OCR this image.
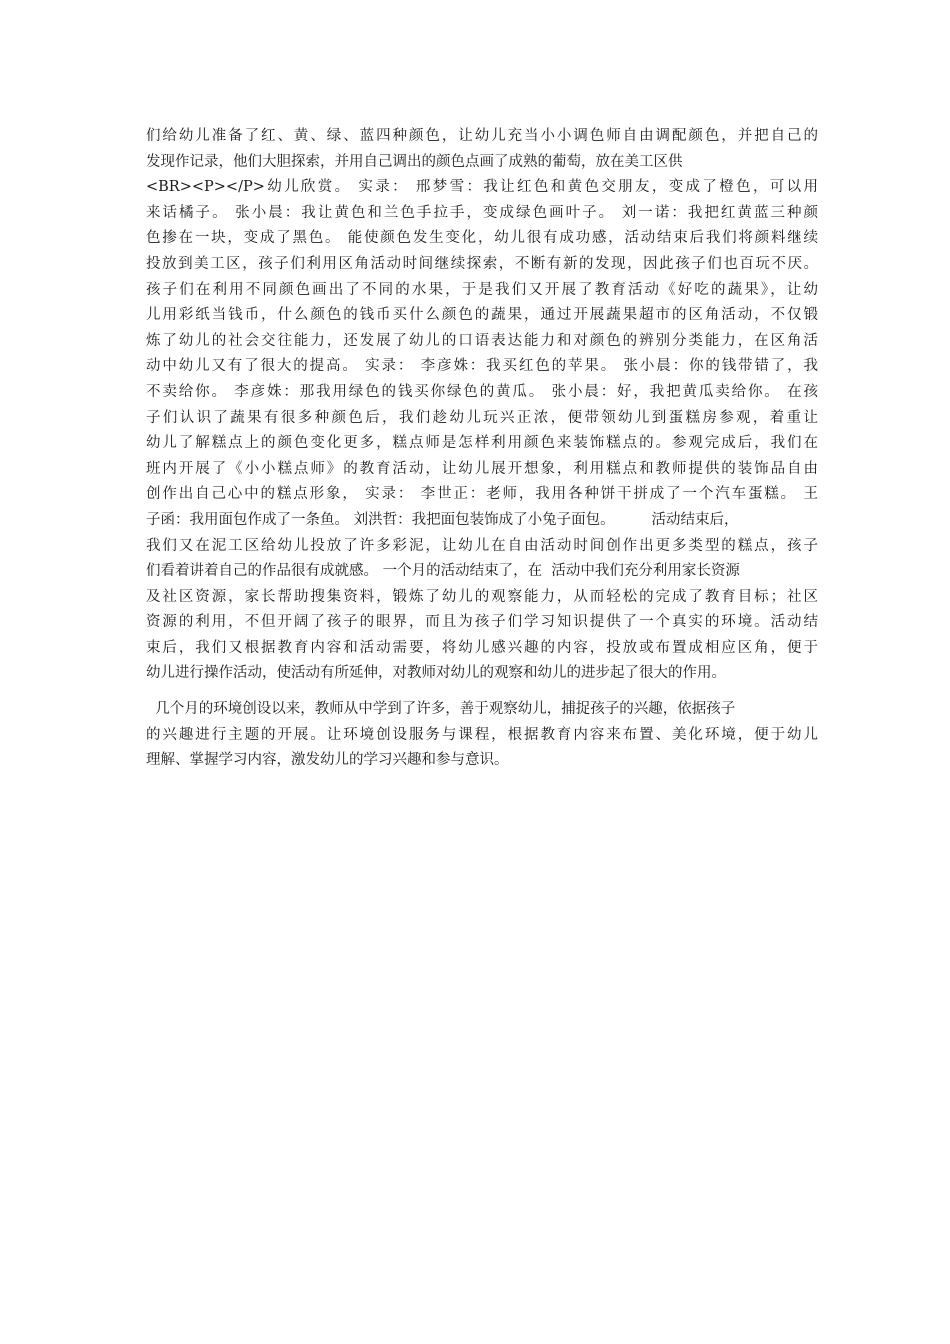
们给幼儿准备了红、黄、绿、蓝四种颜色，让幼儿充当小小调色师自由调配颜色，并把自己的
发现作记录，他们大胆探索，并用自己调出的颜色点画了成熟的葡萄，放在美工区供
<BR><P></P>幼儿欣赏。 实录： 邢梦雪：我让红色和黄色交朋友，变成了橙色，可以用
来话橘子。 张小晨：我让黄色和兰色手拉手，变成绿色画叶子。 刘一诺：我把红黄蓝三种颜
色掺在一块，变成了黑色。 能使颜色发生变化，幼儿很有成功感，活动结束后我们将颜料继续
投放到美工区，孩子们利用区角活动时间继续探索，不断有新的发现，因此孩子们也百玩不厌。
孩子们在利用不同颜色画出了不同的水果，于是我们又开展了教育活动《好吃的蔬果》，让幼
儿用彩纸当钱币，什么颜色的钱币买什么颜色的蔬果，通过开展蔬果超市的区角活动，不仅锻
炼了幼儿的社会交往能力，还发展了幼儿的口语表达能力和对颜色的辨别分类能力，在区角活
动中幼儿又有了很大的提高。 实录： 李彦姝：我买红色的苹果。 张小晨：你的钱带错了，我
不卖给你。 李彦姝：那我用绿色的钱买你绿色的黄瓜。 张小晨：好，我把黄瓜卖给你。 在孩
子们认识了蔬果有很多种颜色后，我们趁幼儿玩兴正浓，便带领幼儿到蛋糕房参观，着重让
幼儿了解糕点上的颜色变化更多，糕点师是怎样利用颜色来装饰糕点的。参观完成后，我们在
班内开展了《小小糕点师》的教育活动，让幼儿展开想象，利用糕点和教师提供的装饰品自由
创作出自己心中的糕点形象， 实录： 李世正：老师，我用各种饼干拼成了一个汽车蛋糕。 王
子函：我用面包作成了一条鱼。 刘洪哲：我把面包装饰成了小兔子面包。        活动结束后，
我们又在泥工区给幼儿投放了许多彩泥，让幼儿在自由活动时间创作出更多类型的糕点，孩子
们看着讲着自己的作品很有成就感。 一个月的活动结束了，在  活动中我们充分利用家长资源
及社区资源，家长帮助搜集资料，锻炼了幼儿的观察能力，从而轻松的完成了教育目标；社区
资源的利用，不但开阔了孩子的眼界，而且为孩子们学习知识提供了一个真实的环境。活动结
束后，我们又根据教育内容和活动需要，将幼儿感兴趣的内容，投放或布置成相应区角，便于
幼儿进行操作活动，使活动有所延伸，对教师对幼儿的观察和幼儿的进步起了很大的作用。
几个月的环境创设以来，教师从中学到了许多，善于观察幼儿，捕捉孩子的兴趣，依据孩子
的兴趣进行主题的开展。让环境创设服务与课程，根据教育内容来布置、美化环境，便于幼儿
理解、掌握学习内容，激发幼儿的学习兴趣和参与意识。
